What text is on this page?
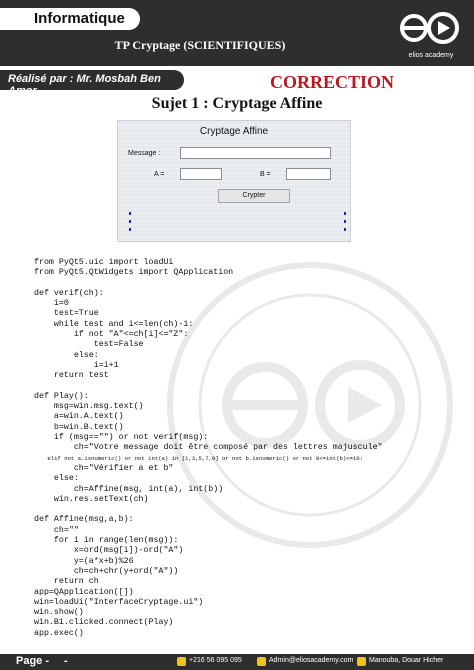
Informatique
TP Cryptage (SCIENTIFIQUES)
elios academy
Réalisé par : Mr. Mosbah Ben Amor	CORRECTION
Sujet 1 : Cryptage Affine
Cryptage Affine
Message :
A =	B =
Crypter
from PyQt5.uic import loadUi
from PyQt5.QtWidgets import QApplication
def verif(ch):
i=0
test=True
while test and i<=len(ch)-1:
if not "A"<=ch[i]<="Z":
test=False
else:
i=i+1
return test
def Play():
msg=win.msg.text()
a=win.A.text()
b=win.B.text()
if (msg=="") or not verif(msg):
ch="Votre message doit être composé par des lettres majuscule"
elif not a.isnumeric() or not int(a) in [1,3,5,7,9] or not b.isnumeric() or not 0<=int(b)<=10:
ch="Vérifier a et b"
else:
ch=Affine(msg, int(a), int(b))
win.res.setText(ch)
def Affine(msg,a,b):
ch=""
for i in range(len(msg)):
x=ord(msg[i])-ord("A")
y=(a*x+b)%26
ch=ch+chr(y+ord("A"))
return ch
app=QApplication([])
win=loadUi("InterfaceCryptage.ui")
win.show()
win.B1.clicked.connect(Play)
app.exec()
Page - -	+216 56 095 095	Admin@eliosacademy.com Manouba, Douar Hicher
